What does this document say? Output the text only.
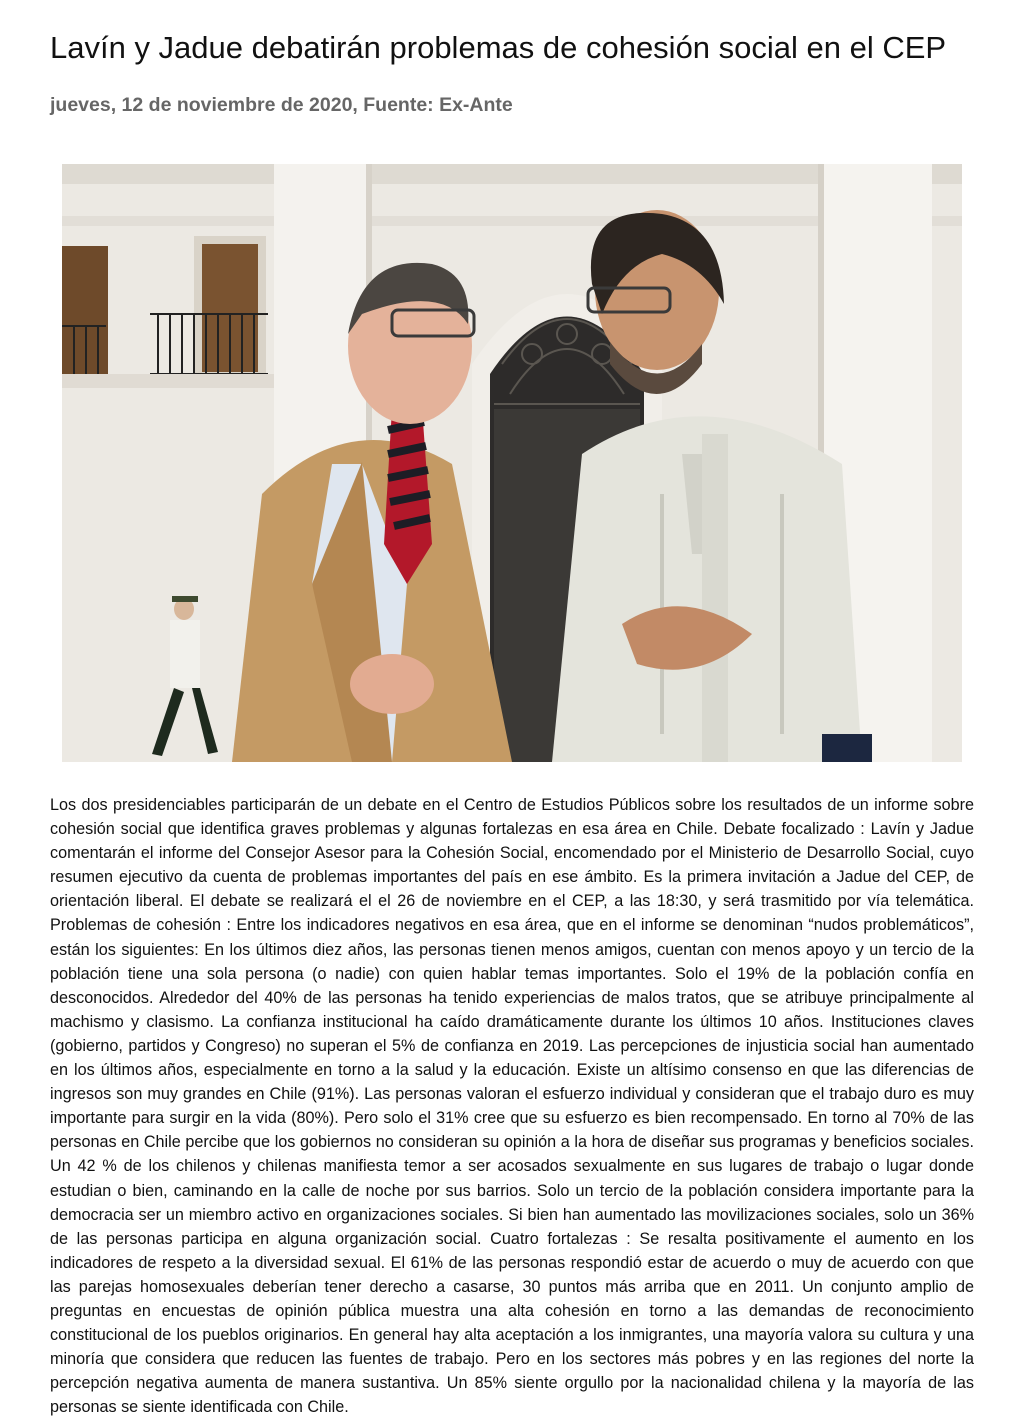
Lavín y Jadue debatirán problemas de cohesión social en el CEP

jueves, 12 de noviembre de 2020, Fuente: Ex-Ante

Los dos presidenciables participarán de un debate en el Centro de Estudios Públicos sobre los resultados de un informe sobre cohesión social que identifica graves problemas y algunas fortalezas en esa área en Chile. Debate focalizado : Lavín y Jadue comentarán el informe del Consejor Asesor para la Cohesión Social, encomendado por el Ministerio de Desarrollo Social, cuyo resumen ejecutivo da cuenta de problemas importantes del país en ese ámbito. Es la primera invitación a Jadue del CEP, de orientación liberal. El debate se realizará el el 26 de noviembre en el CEP, a las 18:30, y será trasmitido por vía telemática. Problemas de cohesión : Entre los indicadores negativos en esa área, que en el informe se denominan “nudos problemáticos”, están los siguientes: En los últimos diez años, las personas tienen menos amigos, cuentan con menos apoyo y un tercio de la población tiene una sola persona (o nadie) con quien hablar temas importantes. Solo el 19% de la población confía en desconocidos. Alrededor del 40% de las personas ha tenido experiencias de malos tratos, que se atribuye principalmente al machismo y clasismo. La confianza institucional ha caído dramáticamente durante los últimos 10 años. Instituciones claves (gobierno, partidos y Congreso) no superan el 5% de confianza en 2019. Las percepciones de injusticia social han aumentado en los últimos años, especialmente en torno a la salud y la educación. Existe un altísimo consenso en que las diferencias de ingresos son muy grandes en Chile (91%). Las personas valoran el esfuerzo individual y consideran que el trabajo duro es muy importante para surgir en la vida (80%). Pero solo el 31% cree que su esfuerzo es bien recompensado. En torno al 70% de las personas en Chile percibe que los gobiernos no consideran su opinión a la hora de diseñar sus programas y beneficios sociales. Un 42 % de los chilenos y chilenas manifiesta temor a ser acosados sexualmente en sus lugares de trabajo o lugar donde estudian o bien, caminando en la calle de noche por sus barrios. Solo un tercio de la población considera importante para la democracia ser un miembro activo en organizaciones sociales. Si bien han aumentado las movilizaciones sociales, solo un 36% de las personas participa en alguna organización social. Cuatro fortalezas : Se resalta positivamente el aumento en los indicadores de respeto a la diversidad sexual. El 61% de las personas respondió estar de acuerdo o muy de acuerdo con que las parejas homosexuales deberían tener derecho a casarse, 30 puntos más arriba que en 2011. Un conjunto amplio de preguntas en encuestas de opinión pública muestra una alta cohesión en torno a las demandas de reconocimiento constitucional de los pueblos originarios. En general hay alta aceptación a los inmigrantes, una mayoría valora su cultura y una minoría que considera que reducen las fuentes de trabajo. Pero en los sectores más pobres y en las regiones del norte la percepción negativa aumenta de manera sustantiva. Un 85% siente orgullo por la nacionalidad chilena y la mayoría de las personas se siente identificada con Chile.
